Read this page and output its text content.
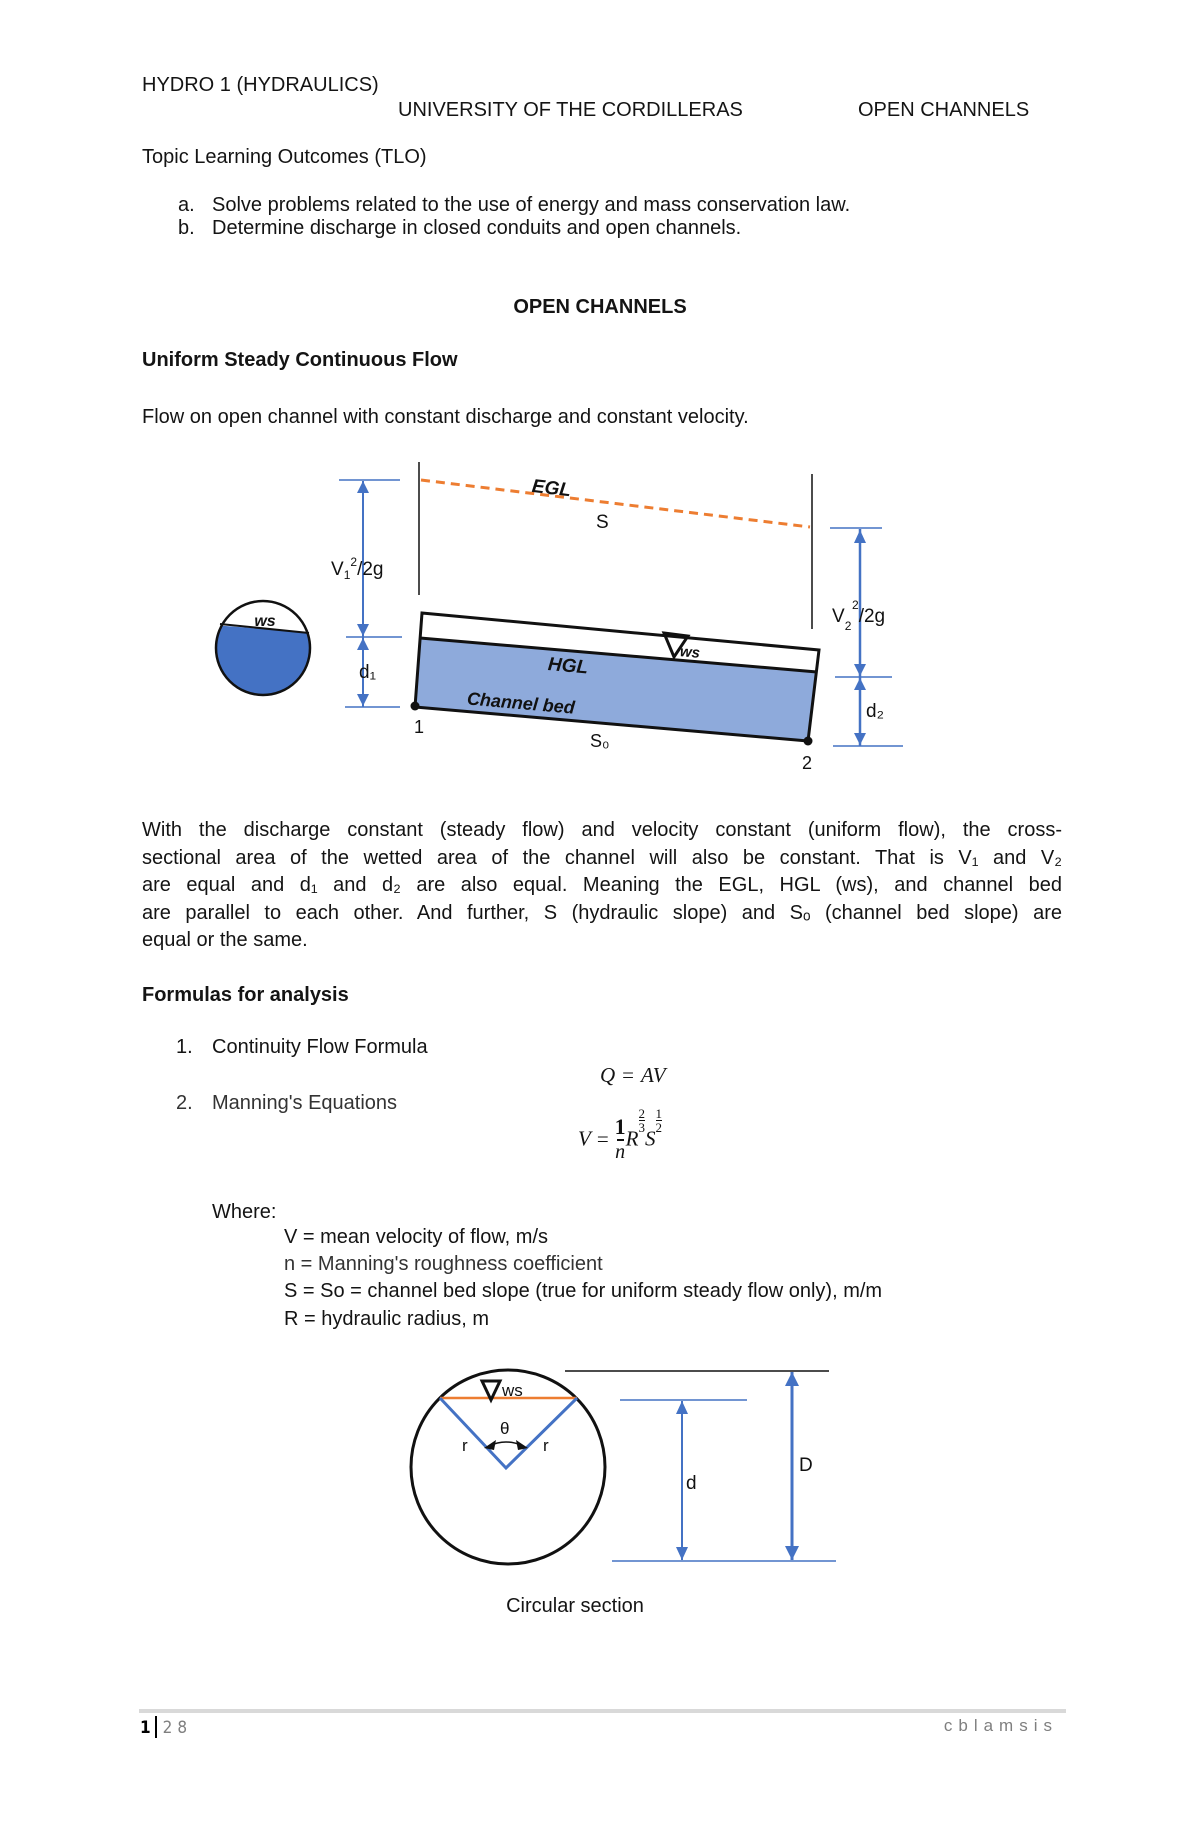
HYDRO 1 (HYDRAULICS)
UNIVERSITY OF THE CORDILLERAS	OPEN CHANNELS
Topic Learning Outcomes (TLO)
a. Solve problems related to the use of energy and mass conservation law.
b. Determine discharge in closed conduits and open channels.
OPEN CHANNELS
Uniform Steady Continuous Flow
Flow on open channel with constant discharge and constant velocity.
ws
EGL
S
ws
HGL
Channel bed
1
2
S₀
$V_1^2/2g$
d₁
$V_22/2g$
d₂
With the discharge constant (steady flow) and velocity constant (uniform flow), the cross-
sectional area of the wetted area of the channel will also be constant. That is V₁ and V₂
are equal and d₁ and d₂ are also equal. Meaning the EGL, HGL (ws), and channel bed
are parallel to each other. And further, S (hydraulic slope) and Sₒ (channel bed slope) are
equal or the same.
Formulas for analysis
1. Continuity Flow Formula
Q = AV
2. Manning's Equations
$V = \frac{1}{n}$ R
$\frac{2}{3}$
S
$\frac{1}{2}$
Where:
V = mean velocity of flow, m/s
n = Manning's roughness coefficient
S = So = channel bed slope (true for uniform steady flow only), m/m
R = hydraulic radius, m
θ
r	r
ws
d
D
Circular section
1 28	cblamsis
